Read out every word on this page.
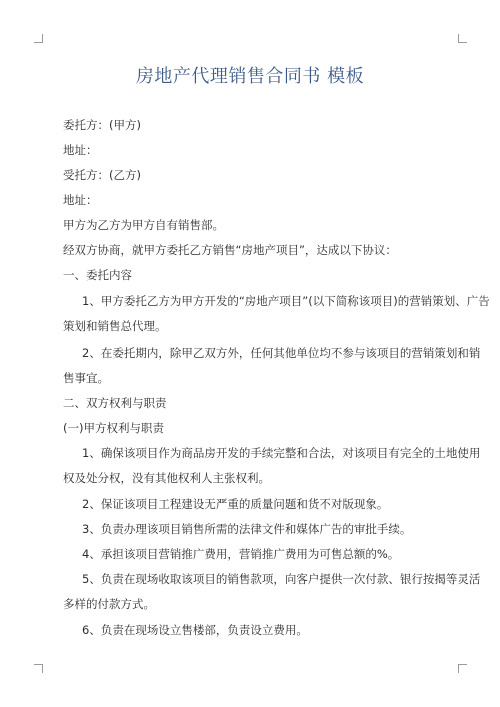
房地产代理销售合同书 模板
委托方：(甲方)
地址：
受托方：(乙方)
地址：
甲方为乙方为甲方自有销售部。
经双方协商，就甲方委托乙方销售“房地产项目”，达成以下协议：
一、委托内容
1、甲方委托乙方为甲方开发的“房地产项目”(以下简称该项目)的营销策划、广告
策划和销售总代理。
2、在委托期内，除甲乙双方外，任何其他单位均不参与该项目的营销策划和销
售事宜。
二、双方权利与职责
(一)甲方权利与职责
1、确保该项目作为商品房开发的手续完整和合法，对该项目有完全的土地使用
权及处分权，没有其他权利人主张权利。
2、保证该项目工程建设无严重的质量问题和货不对版现象。
3、负责办理该项目销售所需的法律文件和媒体广告的审批手续。
4、承担该项目营销推广费用，营销推广费用为可售总额的%。
5、负责在现场收取该项目的销售款项，向客户提供一次付款、银行按揭等灵活
多样的付款方式。
6、负责在现场设立售楼部，负责设立费用。
